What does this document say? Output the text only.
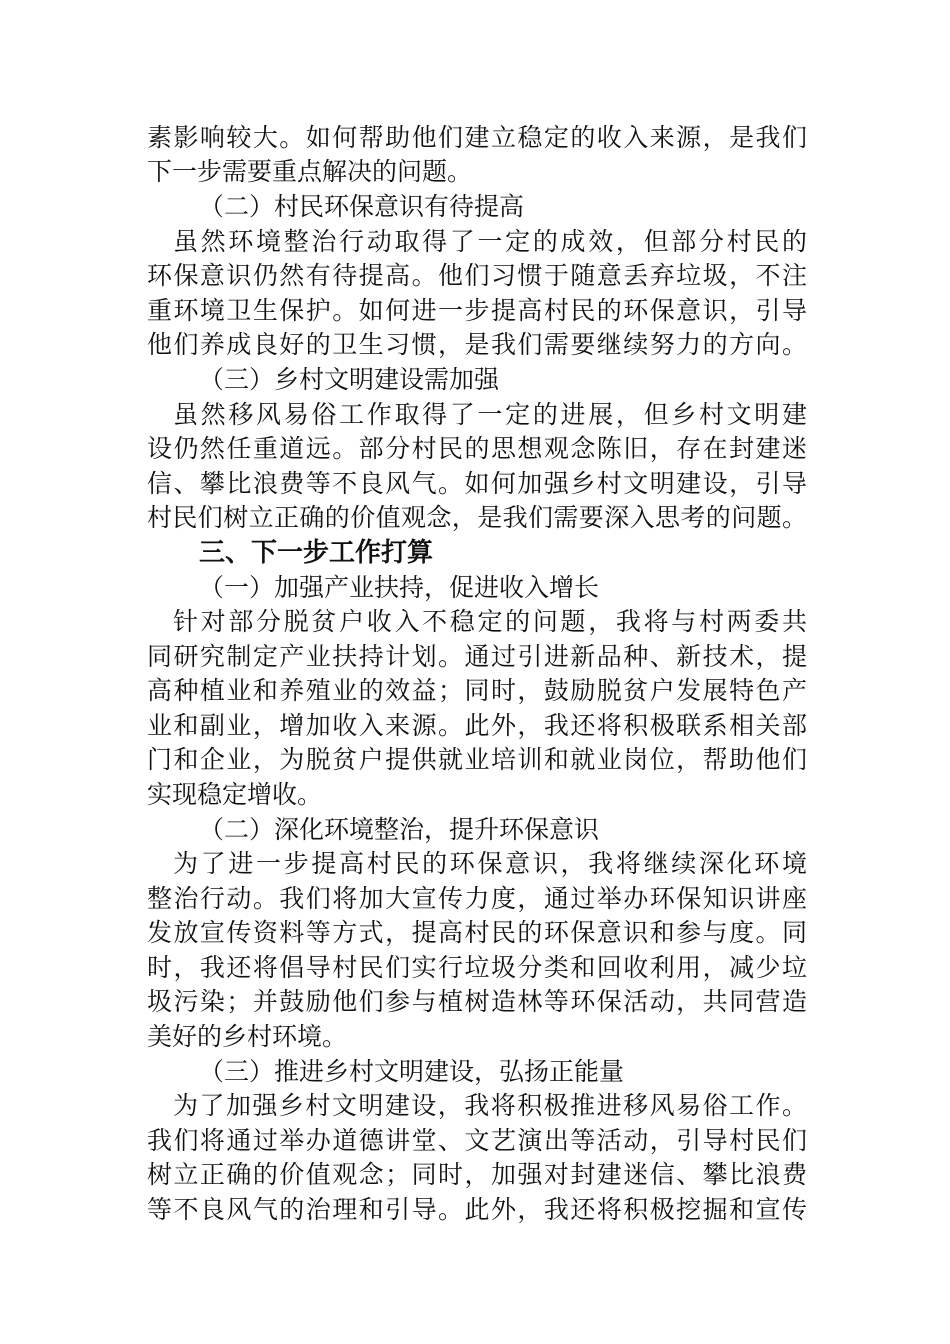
素影响较大。如何帮助他们建立稳定的收入来源，是我们
下一步需要重点解决的问题。
（二）村民环保意识有待提高
虽然环境整治行动取得了一定的成效，但部分村民的
环保意识仍然有待提高。他们习惯于随意丢弃垃圾，不注
重环境卫生保护。如何进一步提高村民的环保意识，引导
他们养成良好的卫生习惯，是我们需要继续努力的方向。
（三）乡村文明建设需加强
虽然移风易俗工作取得了一定的进展，但乡村文明建
设仍然任重道远。部分村民的思想观念陈旧，存在封建迷
信、攀比浪费等不良风气。如何加强乡村文明建设，引导
村民们树立正确的价值观念，是我们需要深入思考的问题。
三、下一步工作打算
（一）加强产业扶持，促进收入增长
针对部分脱贫户收入不稳定的问题，我将与村两委共
同研究制定产业扶持计划。通过引进新品种、新技术，提
高种植业和养殖业的效益；同时，鼓励脱贫户发展特色产
业和副业，增加收入来源。此外，我还将积极联系相关部
门和企业，为脱贫户提供就业培训和就业岗位，帮助他们
实现稳定增收。
（二）深化环境整治，提升环保意识
为了进一步提高村民的环保意识，我将继续深化环境
整治行动。我们将加大宣传力度，通过举办环保知识讲座
发放宣传资料等方式，提高村民的环保意识和参与度。同
时，我还将倡导村民们实行垃圾分类和回收利用，减少垃
圾污染；并鼓励他们参与植树造林等环保活动，共同营造
美好的乡村环境。
（三）推进乡村文明建设，弘扬正能量
为了加强乡村文明建设，我将积极推进移风易俗工作。
我们将通过举办道德讲堂、文艺演出等活动，引导村民们
树立正确的价值观念；同时，加强对封建迷信、攀比浪费
等不良风气的治理和引导。此外，我还将积极挖掘和宣传
